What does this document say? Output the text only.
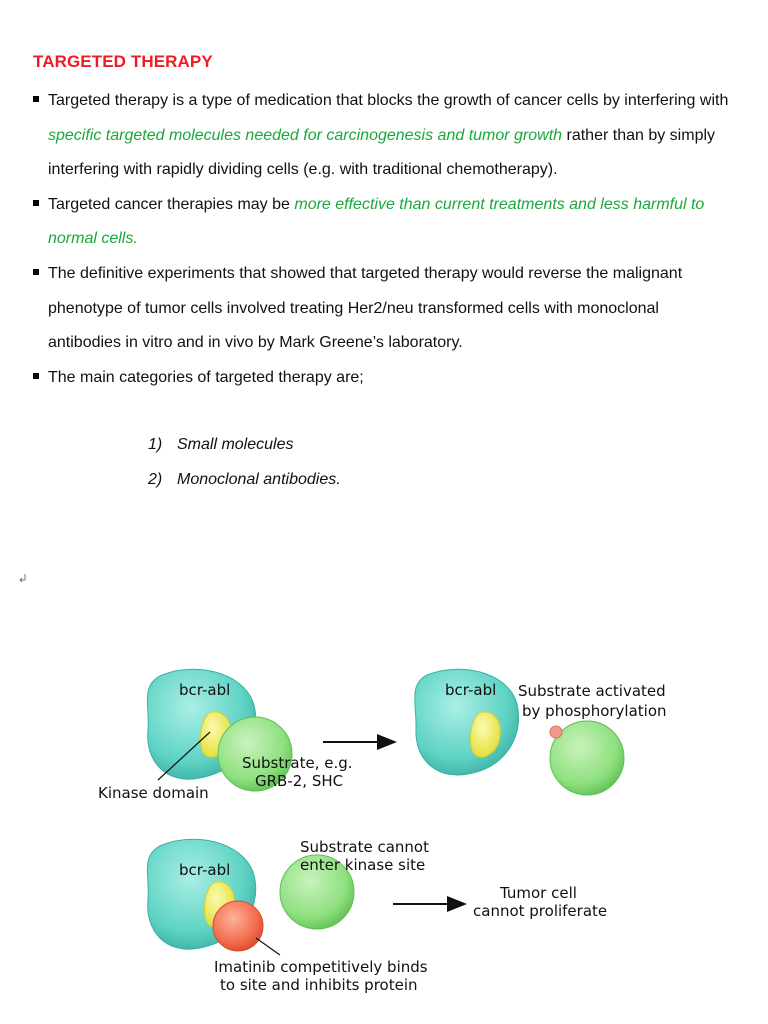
TARGETED THERAPY
Targeted therapy is a type of medication that blocks the growth of cancer cells by interfering with specific targeted molecules needed for carcinogenesis and tumor growth rather than by simply interfering with rapidly dividing cells (e.g. with traditional chemotherapy).
Targeted cancer therapies may be more effective than current treatments and less harmful to normal cells.
The definitive experiments that showed that targeted therapy would reverse the malignant phenotype of tumor cells involved treating Her2/neu transformed cells with monoclonal antibodies in vitro and in vivo by Mark Greene’s laboratory.
The main categories of targeted therapy are;
1) Small molecules
2) Monoclonal antibodies.
bcr-abl
Substrate, e.g.
GRB-2, SHC
Kinase domain
bcr-abl Substrate activated
by phosphorylation
bcr-abl
Substrate cannot
enter kinase site
Tumor cell
cannot proliferate
Imatinib competitively binds
to site and inhibits protein
